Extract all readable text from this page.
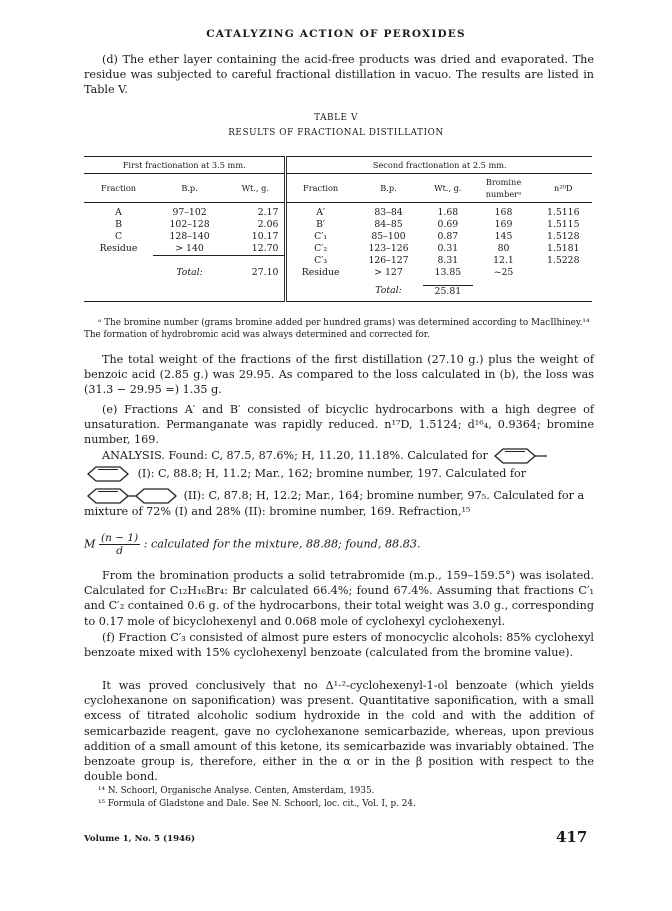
CATALYZING ACTION OF PEROXIDES

(d) The ether layer containing the acid-free products was dried and evaporated. The residue was subjected to careful fractional distillation in vacuo. The results are listed in Table V.

TABLE V
RESULTS OF FRACTIONAL DISTILLATION
First fractionation at 3.5 mm.			Second fractionation at 2.5 mm.				
Fraction	B.p.	Wt., g.	Fraction	B.p.	Wt., g.	Bromine numberᵃ	n²⁰D

A	97–102	2.17	A′	83–84	1.68	168	1.5116
B	102–128	2.06	B′	84–85	0.69	169	1.5115
C	128–140	10.17	C′₁	85–100	0.87	145	1.5128
Residue	> 140	12.70	C′₂	123–126	0.31	80	1.5181
			C′₃	126–127	8.31	12.1	1.5228
	Total:	27.10	Residue	> 127	13.85	~25	

				Total:	25.81		

ᵃ The bromine number (grams bromine added per hundred grams) was determined according to MacIlhiney.¹⁴ The formation of hydrobromic acid was always determined and corrected for.

The total weight of the fractions of the first distillation (27.10 g.) plus the weight of benzoic acid (2.85 g.) was 29.95. As compared to the loss calculated in (b), the loss was (31.3 − 29.95 =) 1.35 g.

(e) Fractions A′ and B′ consisted of bicyclic hydrocarbons with a high degree of unsaturation. Permanganate was rapidly reduced. n¹⁷D, 1.5124; d¹⁶₄, 0.9364; bromine number, 169.

ANALYSIS. Found: C, 87.5, 87.6%; H, 11.20, 11.18%. Calculated for
(I): C, 88.8; H, 11.2; Mar., 162; bromine number, 197. Calculated for
(II): C, 87.8; H, 12.2; Mar., 164; bromine number, 97₅. Calculated for a mixture of 72% (I) and 28% (II): bromine number, 169. Refraction,¹⁵
M $\frac{(n - 1)}{d}$ : calculated for the mixture, 88.88; found, 88.83.

From the bromination products a solid tetrabromide (m.p., 159–159.5°) was isolated. Calculated for C₁₂H₁₆Br₄: Br calculated 66.4%; found 67.4%. Assuming that fractions C′₁ and C′₂ contained 0.6 g. of the hydrocarbons, their total weight was 3.0 g., corresponding to 0.17 mole of bicyclohexenyl and 0.068 mole of cyclohexyl cyclohexenyl.

(f) Fraction C′₃ consisted of almost pure esters of monocyclic alcohols: 85% cyclohexyl benzoate mixed with 15% cyclohexenyl benzoate (calculated from the bromine value).

It was proved conclusively that no Δ¹·²-cyclohexenyl-1-ol benzoate (which yields cyclohexanone on saponification) was present. Quantitative saponification, with a small excess of titrated alcoholic sodium hydroxide in the cold and with the addition of semicarbazide reagent, gave no cyclohexanone semicarbazide, whereas, upon previous addition of a small amount of this ketone, its semicarbazide was invariably obtained. The benzoate group is, therefore, either in the α or in the β position with respect to the double bond.

¹⁴ N. Schoorl, Organische Analyse. Centen, Amsterdam, 1935.

¹⁵ Formula of Gladstone and Dale. See N. Schoorl, loc. cit., Vol. I, p. 24.

Volume 1, No. 5 (1946)	417
